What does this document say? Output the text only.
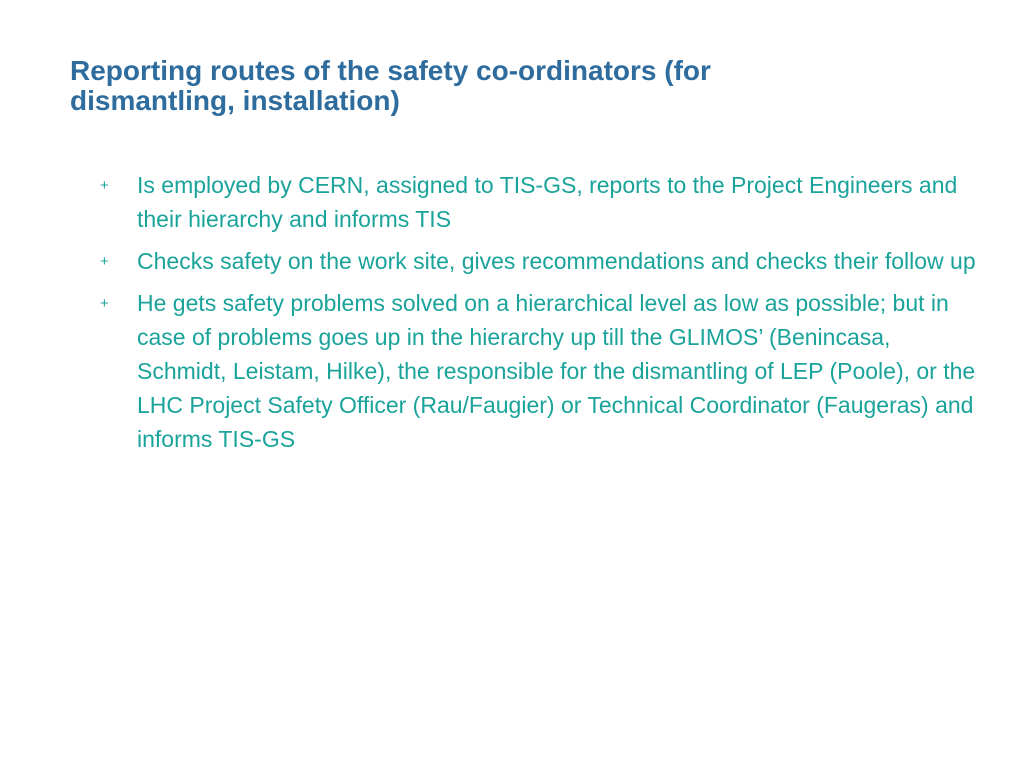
Reporting routes of the safety co-ordinators (for
dismantling, installation)
+ Is employed by CERN, assigned to TIS-GS, reports to the Project Engineers and their hierarchy and informs TIS
+ Checks safety on the work site, gives recommendations and checks their follow up
+ He gets safety problems solved on a hierarchical level as low as possible; but in case of problems goes up in the hierarchy up till the GLIMOS’ (Benincasa, Schmidt, Leistam, Hilke), the responsible for the dismantling of LEP (Poole), or the LHC Project Safety Officer (Rau/Faugier) or Technical Coordinator (Faugeras) and  informs TIS-GS
